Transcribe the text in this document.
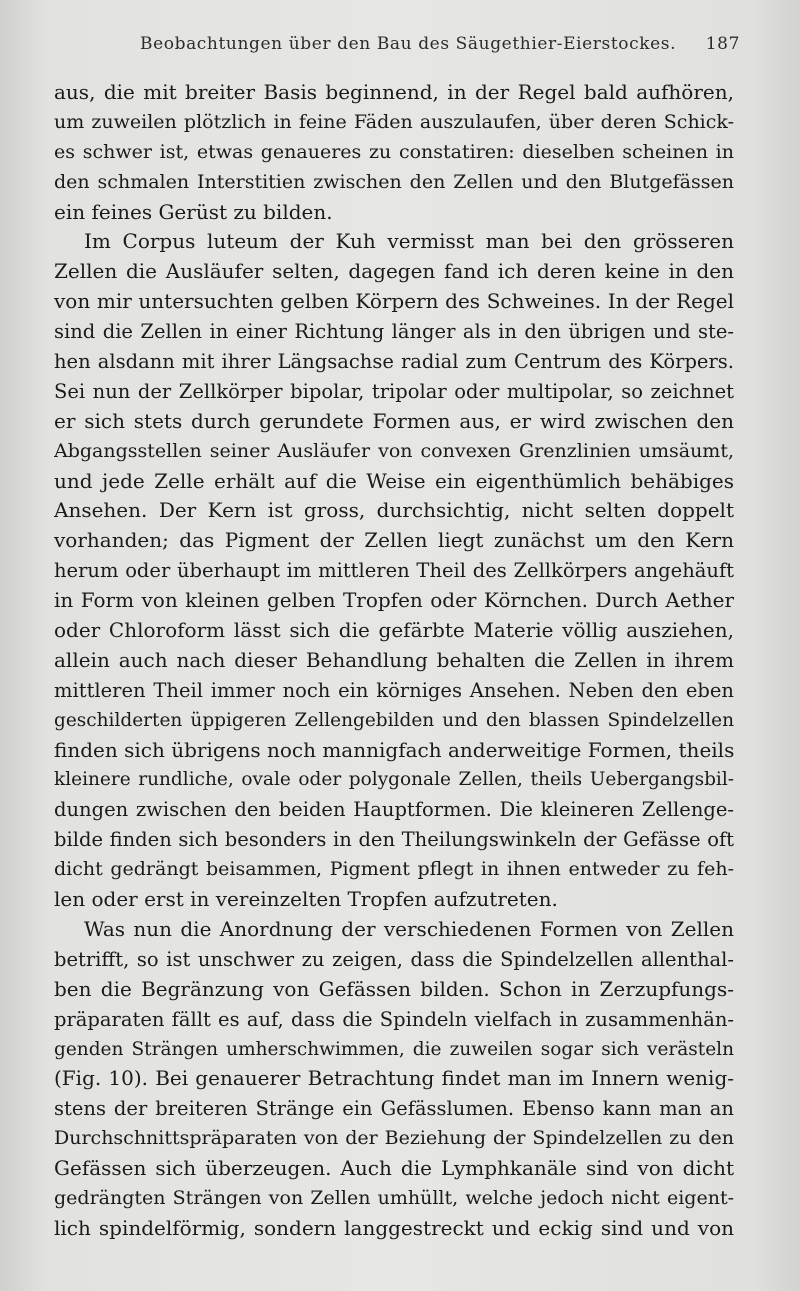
Beobachtungen über den Bau des Säugethier-Eierstockes. 187
aus, die mit breiter Basis beginnend, in der Regel bald aufhören,
um zuweilen plötzlich in feine Fäden auszulaufen, über deren Schick-
es schwer ist, etwas genaueres zu constatiren: dieselben scheinen in
den schmalen Interstitien zwischen den Zellen und den Blutgefässen
ein feines Gerüst zu bilden.
Im Corpus luteum der Kuh vermisst man bei den grösseren
Zellen die Ausläufer selten, dagegen fand ich deren keine in den
von mir untersuchten gelben Körpern des Schweines. In der Regel
sind die Zellen in einer Richtung länger als in den übrigen und ste-
hen alsdann mit ihrer Längsachse radial zum Centrum des Körpers.
Sei nun der Zellkörper bipolar, tripolar oder multipolar, so zeichnet
er sich stets durch gerundete Formen aus, er wird zwischen den
Abgangsstellen seiner Ausläufer von convexen Grenzlinien umsäumt,
und jede Zelle erhält auf die Weise ein eigenthümlich behäbiges
Ansehen. Der Kern ist gross, durchsichtig, nicht selten doppelt
vorhanden; das Pigment der Zellen liegt zunächst um den Kern
herum oder überhaupt im mittleren Theil des Zellkörpers angehäuft
in Form von kleinen gelben Tropfen oder Körnchen. Durch Aether
oder Chloroform lässt sich die gefärbte Materie völlig ausziehen,
allein auch nach dieser Behandlung behalten die Zellen in ihrem
mittleren Theil immer noch ein körniges Ansehen. Neben den eben
geschilderten üppigeren Zellengebilden und den blassen Spindelzellen
finden sich übrigens noch mannigfach anderweitige Formen, theils
kleinere rundliche, ovale oder polygonale Zellen, theils Uebergangsbil-
dungen zwischen den beiden Hauptformen. Die kleineren Zellenge-
bilde finden sich besonders in den Theilungswinkeln der Gefässe oft
dicht gedrängt beisammen, Pigment pflegt in ihnen entweder zu feh-
len oder erst in vereinzelten Tropfen aufzutreten.
Was nun die Anordnung der verschiedenen Formen von Zellen
betrifft, so ist unschwer zu zeigen, dass die Spindelzellen allenthal-
ben die Begränzung von Gefässen bilden. Schon in Zerzupfungs-
präparaten fällt es auf, dass die Spindeln vielfach in zusammenhän-
genden Strängen umherschwimmen, die zuweilen sogar sich verästeln
(Fig. 10). Bei genauerer Betrachtung findet man im Innern wenig-
stens der breiteren Stränge ein Gefässlumen. Ebenso kann man an
Durchschnittspräparaten von der Beziehung der Spindelzellen zu den
Gefässen sich überzeugen. Auch die Lymphkanäle sind von dicht
gedrängten Strängen von Zellen umhüllt, welche jedoch nicht eigent-
lich spindelförmig, sondern langgestreckt und eckig sind und von
